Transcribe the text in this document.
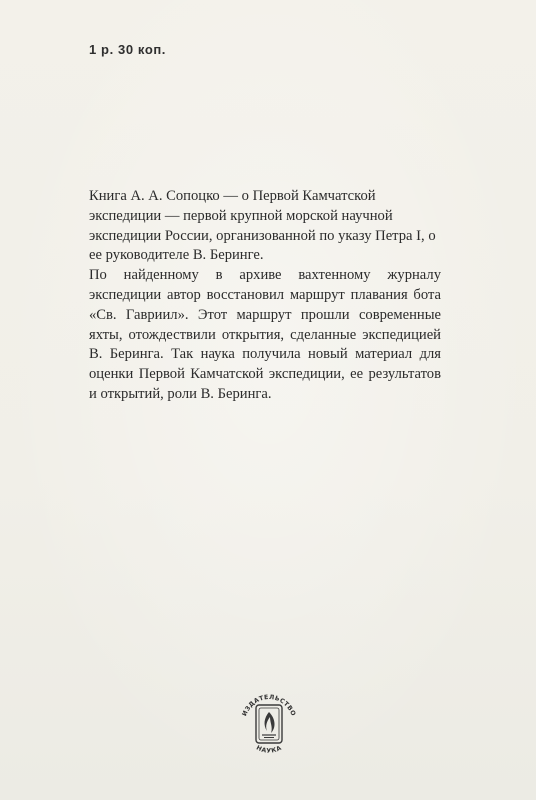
1 р. 30 коп.

Книга А. А. Сопоцко — о Первой Камчатской экспедиции — первой крупной морской научной экспедиции России, организованной по указу Петра I, о ее руководителе В. Беринге.

По найденному в архиве вахтенному журналу экспедиции автор восстановил маршрут плавания бота «Св. Гавриил». Этот маршрут прошли современные яхты, отождествили открытия, сделанные экспедицией В. Беринга. Так наука получила новый материал для оценки Первой Камчатской экспедиции, ее результатов и открытий, роли В. Беринга.

ИЗДАТЕЛЬСТВО
НАУКА
